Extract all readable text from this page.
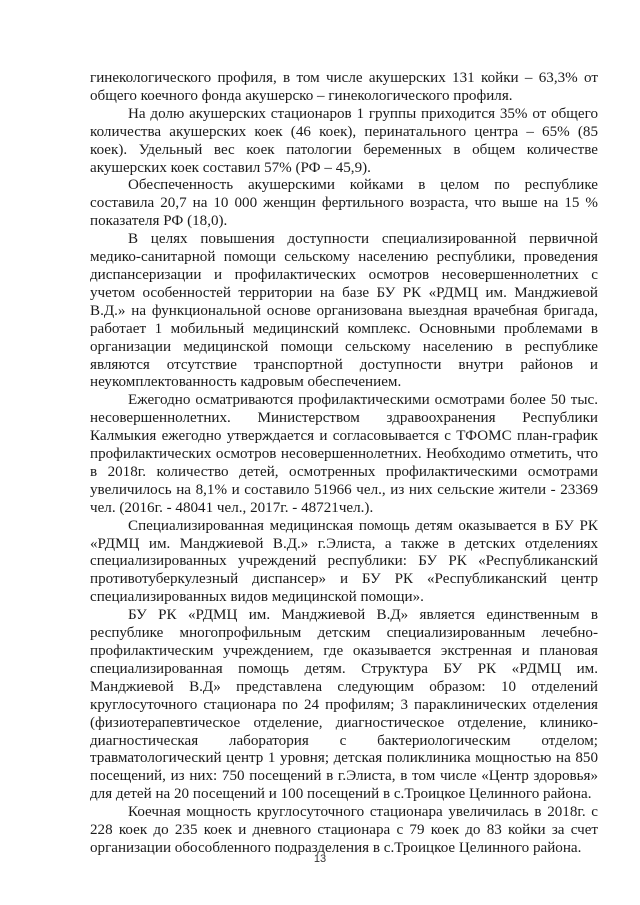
гинекологического профиля, в том числе акушерских 131 койки – 63,3% от общего коечного фонда акушерско – гинекологического профиля.

На долю акушерских стационаров 1 группы приходится 35% от общего количества акушерских коек (46 коек), перинатального центра – 65% (85 коек). Удельный вес коек патологии беременных в общем количестве акушерских коек составил 57% (РФ – 45,9).

Обеспеченность акушерскими койками в целом по республике составила 20,7 на 10 000 женщин фертильного возраста, что выше на 15 % показателя РФ (18,0).

В целях повышения доступности специализированной первичной медико-санитарной помощи сельскому населению республики, проведения диспансеризации и профилактических осмотров несовершеннолетних с учетом особенностей территории на базе БУ РК «РДМЦ им. Манджиевой В.Д.» на функциональной основе организована выездная врачебная бригада, работает 1 мобильный медицинский комплекс. Основными проблемами в организации медицинской помощи сельскому населению в республике являются отсутствие транспортной доступности внутри районов и неукомплектованность кадровым обеспечением.

Ежегодно осматриваются профилактическими осмотрами более 50 тыс. несовершеннолетних. Министерством здравоохранения Республики Калмыкия ежегодно утверждается и согласовывается с ТФОМС план-график профилактических осмотров несовершеннолетних. Необходимо отметить, что в 2018г. количество детей, осмотренных профилактическими осмотрами увеличилось на 8,1% и составило 51966 чел., из них сельские жители - 23369 чел. (2016г. - 48041 чел., 2017г. - 48721чел.).

Специализированная медицинская помощь детям оказывается в БУ РК «РДМЦ им. Манджиевой В.Д.» г.Элиста, а также в детских отделениях специализированных учреждений республики: БУ РК «Республиканский противотуберкулезный диспансер» и БУ РК «Республиканский центр специализированных видов медицинской помощи».

БУ РК «РДМЦ им. Манджиевой В.Д» является единственным в республике многопрофильным детским специализированным лечебно-профилактическим учреждением, где оказывается экстренная и плановая специализированная помощь детям. Структура БУ РК «РДМЦ им. Манджиевой В.Д» представлена следующим образом: 10 отделений круглосуточного стационара по 24 профилям; 3 параклинических отделения (физиотерапевтическое отделение, диагностическое отделение, клинико-диагностическая лаборатория с бактериологическим отделом; травматологический центр 1 уровня; детская поликлиника мощностью на 850 посещений, из них: 750 посещений в г.Элиста, в том числе «Центр здоровья» для детей на 20 посещений и 100 посещений в с.Троицкое Целинного района.

Коечная мощность круглосуточного стационара увеличилась в 2018г. с 228 коек до 235 коек и дневного стационара с 79 коек до 83 койки за счет организации обособленного подразделения в с.Троицкое Целинного района.

13
